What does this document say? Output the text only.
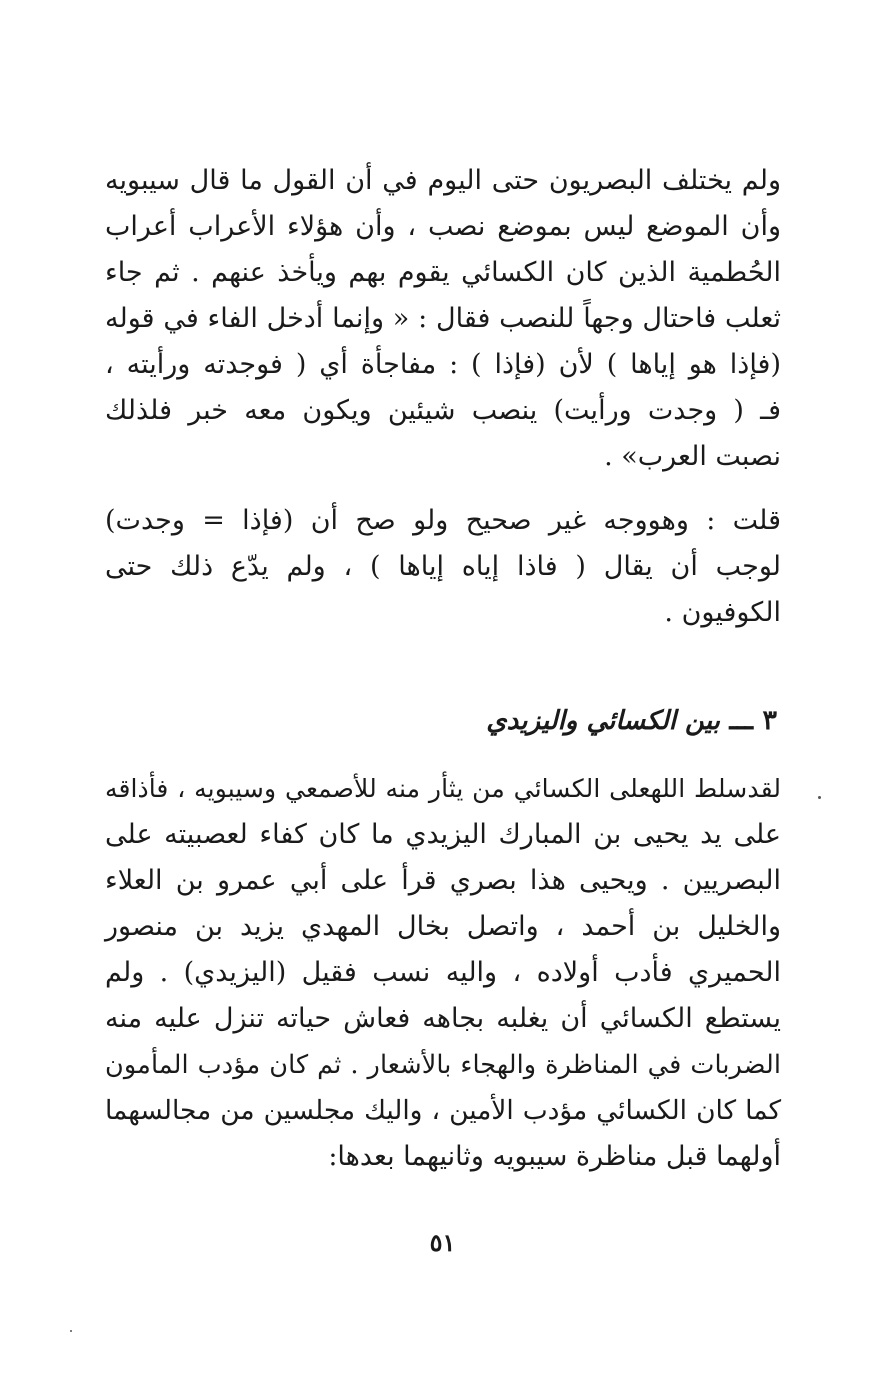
ولم يختلف البصريون حتى اليوم في أن القول ما قال سيبويه
وأن الموضع ليس بموضع نصب ، وأن هؤلاء الأعراب أعراب
الحُطمية الذين كان الكسائي يقوم بهم ويأخذ عنهم . ثم جاء
ثعلب فاحتال وجهاً للنصب فقال : « وإنما أدخل الفاء في قوله
(فإذا هو إياها ) لأن (فإذا ) : مفاجأة أي ( فوجدته ورأيته ،
فـ ( وجدت ورأيت) ينصب شيئين ويكون معه خبر فلذلك
نصبت العرب» .
قلت : وهووجه غير صحيح ولو صح أن (فإذا = وجدت)
لوجب أن يقال ( فاذا إياه إياها ) ، ولم يدّع ذلك حتى
الكوفيون .
٣ ـــ بين الكسائي واليزيدي
لقدسلط اللهعلى الكسائي من يثأر منه للأصمعي وسيبويه ، فأذاقه
على يد يحيى بن المبارك اليزيدي ما كان كفاء لعصبيته على
البصريين . ويحيى هذا بصري قرأ على أبي عمرو بن العلاء
والخليل بن أحمد ، واتصل بخال المهدي يزيد بن منصور
الحميري فأدب أولاده ، واليه نسب فقيل (اليزيدي) . ولم
يستطع الكسائي أن يغلبه بجاهه فعاش حياته تنزل عليه منه
الضربات في المناظرة والهجاء بالأشعار . ثم كان مؤدب المأمون
كما كان الكسائي مؤدب الأمين ، واليك مجلسين من مجالسهما
أولهما قبل مناظرة سيبويه وثانيهما بعدها:
٥١
